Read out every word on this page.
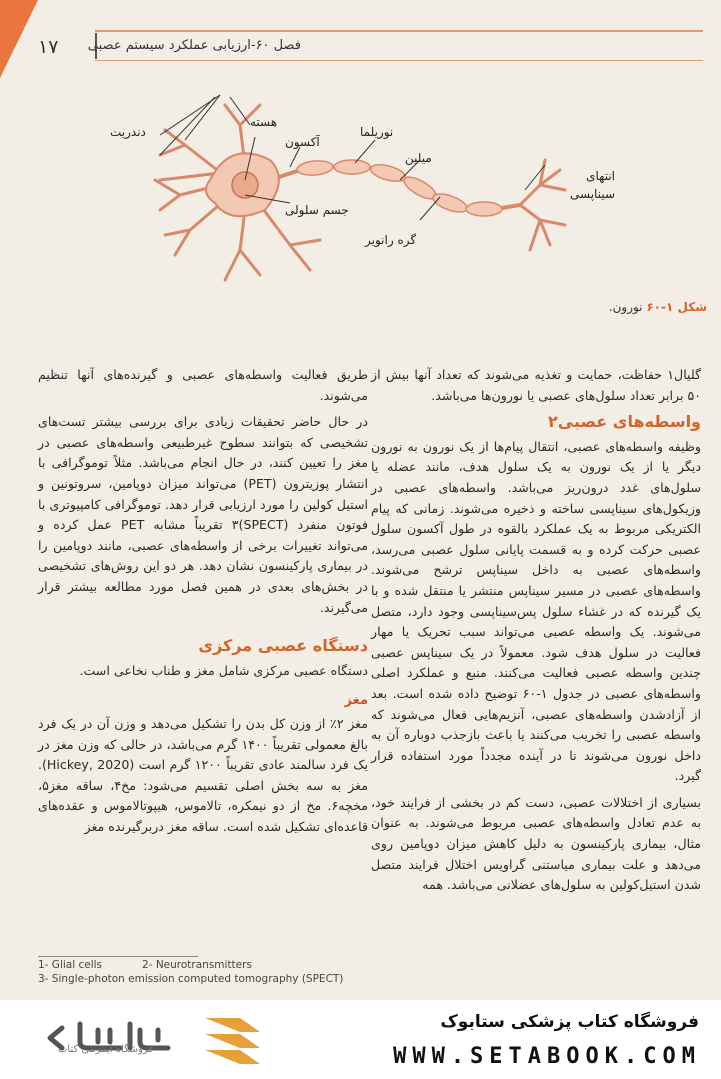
١٧ فصل ۶۰-ارزیابی عملکرد سیستم عصبی
دندریت
هسته
آکسون
نوریلما
میلین
انتهای سیناپسی
گره رانویر
جسم سلولی
شکل ۱-۶۰ نورون.

گلیال١ حفاظت، حمایت و تغذیه می‌شوند که تعداد آنها بیش از ۵۰ برابر تعداد سلول‌های عصبی یا نورون‌ها می‌باشد.

واسطه‌های عصبی٢

وظیفه واسطه‌های عصبی، انتقال پیام‌ها از یک نورون به نورون دیگر یا از یک نورون به یک سلول هدف، مانند عضله یا سلول‌های غدد درون‌ریز می‌باشد. واسطه‌های عصبی در وزیکول‌های سیناپسی ساخته و ذخیره می‌شوند. زمانی که پیام الکتریکی مربوط به یک عملکرد بالقوه در طول آکسون سلول عصبی حرکت کرده و به قسمت پایانی سلول عصبی می‌رسد، واسطه‌های عصبی به داخل سیناپس ترشح می‌شوند. واسطه‌های عصبی در مسیر سیناپس منتشر یا منتقل شده و با یک گیرنده که در غشاء سلول پس‌سیناپسی وجود دارد، متصل می‌شوند. یک واسطه عصبی می‌تواند سبب تحریک یا مهار فعالیت در سلول هدف شود. معمولاً در یک سیناپس عصبی چندین واسطه عصبی فعالیت می‌کنند. منبع و عملکرد اصلی واسطه‌های عصبی در جدول ۱-۶۰ توضیح داده شده است. بعد از آزادشدن واسطه‌های عصبی، آنزیم‌هایی فعال می‌شوند که واسطه عصبی را تخریب می‌کنند یا باعث بازجذب دوباره آن به داخل نورون می‌شوند تا در آینده مجدداً مورد استفاده قرار گیرد.

بسیاری از اختلالات عصبی، دست کم در بخشی از فرایند خود، به عدم تعادل واسطه‌های عصبی مربوط می‌شوند. به عنوان مثال، بیماری پارکینسون به دلیل کاهش میزان دوپامین روی می‌دهد و علت بیماری میاستنی گراویس اختلال فرایند متصل شدن استیل‌کولین به سلول‌های عضلانی می‌باشد. همه

طریق فعالیت واسطه‌های عصبی و گیرنده‌های آنها تنظیم می‌شوند.

در حال حاضر تحقیقات زیادی برای بررسی بیشتر تست‌های تشخیصی که بتوانند سطوح غیرطبیعی واسطه‌های عصبی در مغز را تعیین کنند، در حال انجام می‌باشد. مثلاً توموگرافی با انتشار پوزیترون (PET) می‌تواند میزان دوپامین، سروتونین و استیل کولین را مورد ارزیابی قرار دهد. توموگرافی کامپیوتری با فوتون منفرد (SPECT)٣ تقریباً مشابه PET عمل کرده و می‌تواند تغییرات برخی از واسطه‌های عصبی، مانند دوپامین را در بیماری پارکینسون نشان دهد. هر دو این روش‌های تشخیصی در بخش‌های بعدی در همین فصل مورد مطالعه بیشتر قرار می‌گیرند.

دستگاه عصبی مرکزی

دستگاه عصبی مرکزی شامل مغز و طناب نخاعی است.

مغز

مغز ۲٪ از وزن کل بدن را تشکیل می‌دهد و وزن آن در یک فرد بالغ معمولی تقریباً ۱۴۰۰ گرم می‌باشد، در حالی که وزن مغز در یک فرد سالمند عادی تقریباً ۱۲۰۰ گرم است (Hickey, 2020). مغز به سه بخش اصلی تقسیم می‌شود: مخ۴، ساقه مغز۵، مخچه۶. مخ از دو نیمکره، تالاموس، هیپوتالاموس و عقده‌های قاعده‌ای تشکیل شده است. ساقه مغز دربرگیرنده مغز

1- Glial cells	2- Neurotransmitters
3- Single-photon emission computed tomography (SPECT)
فروشگاه اینترنتی کتاب
فروشگاه کتاب پزشکی ستابوک
WWW.SETABOOK.COM
